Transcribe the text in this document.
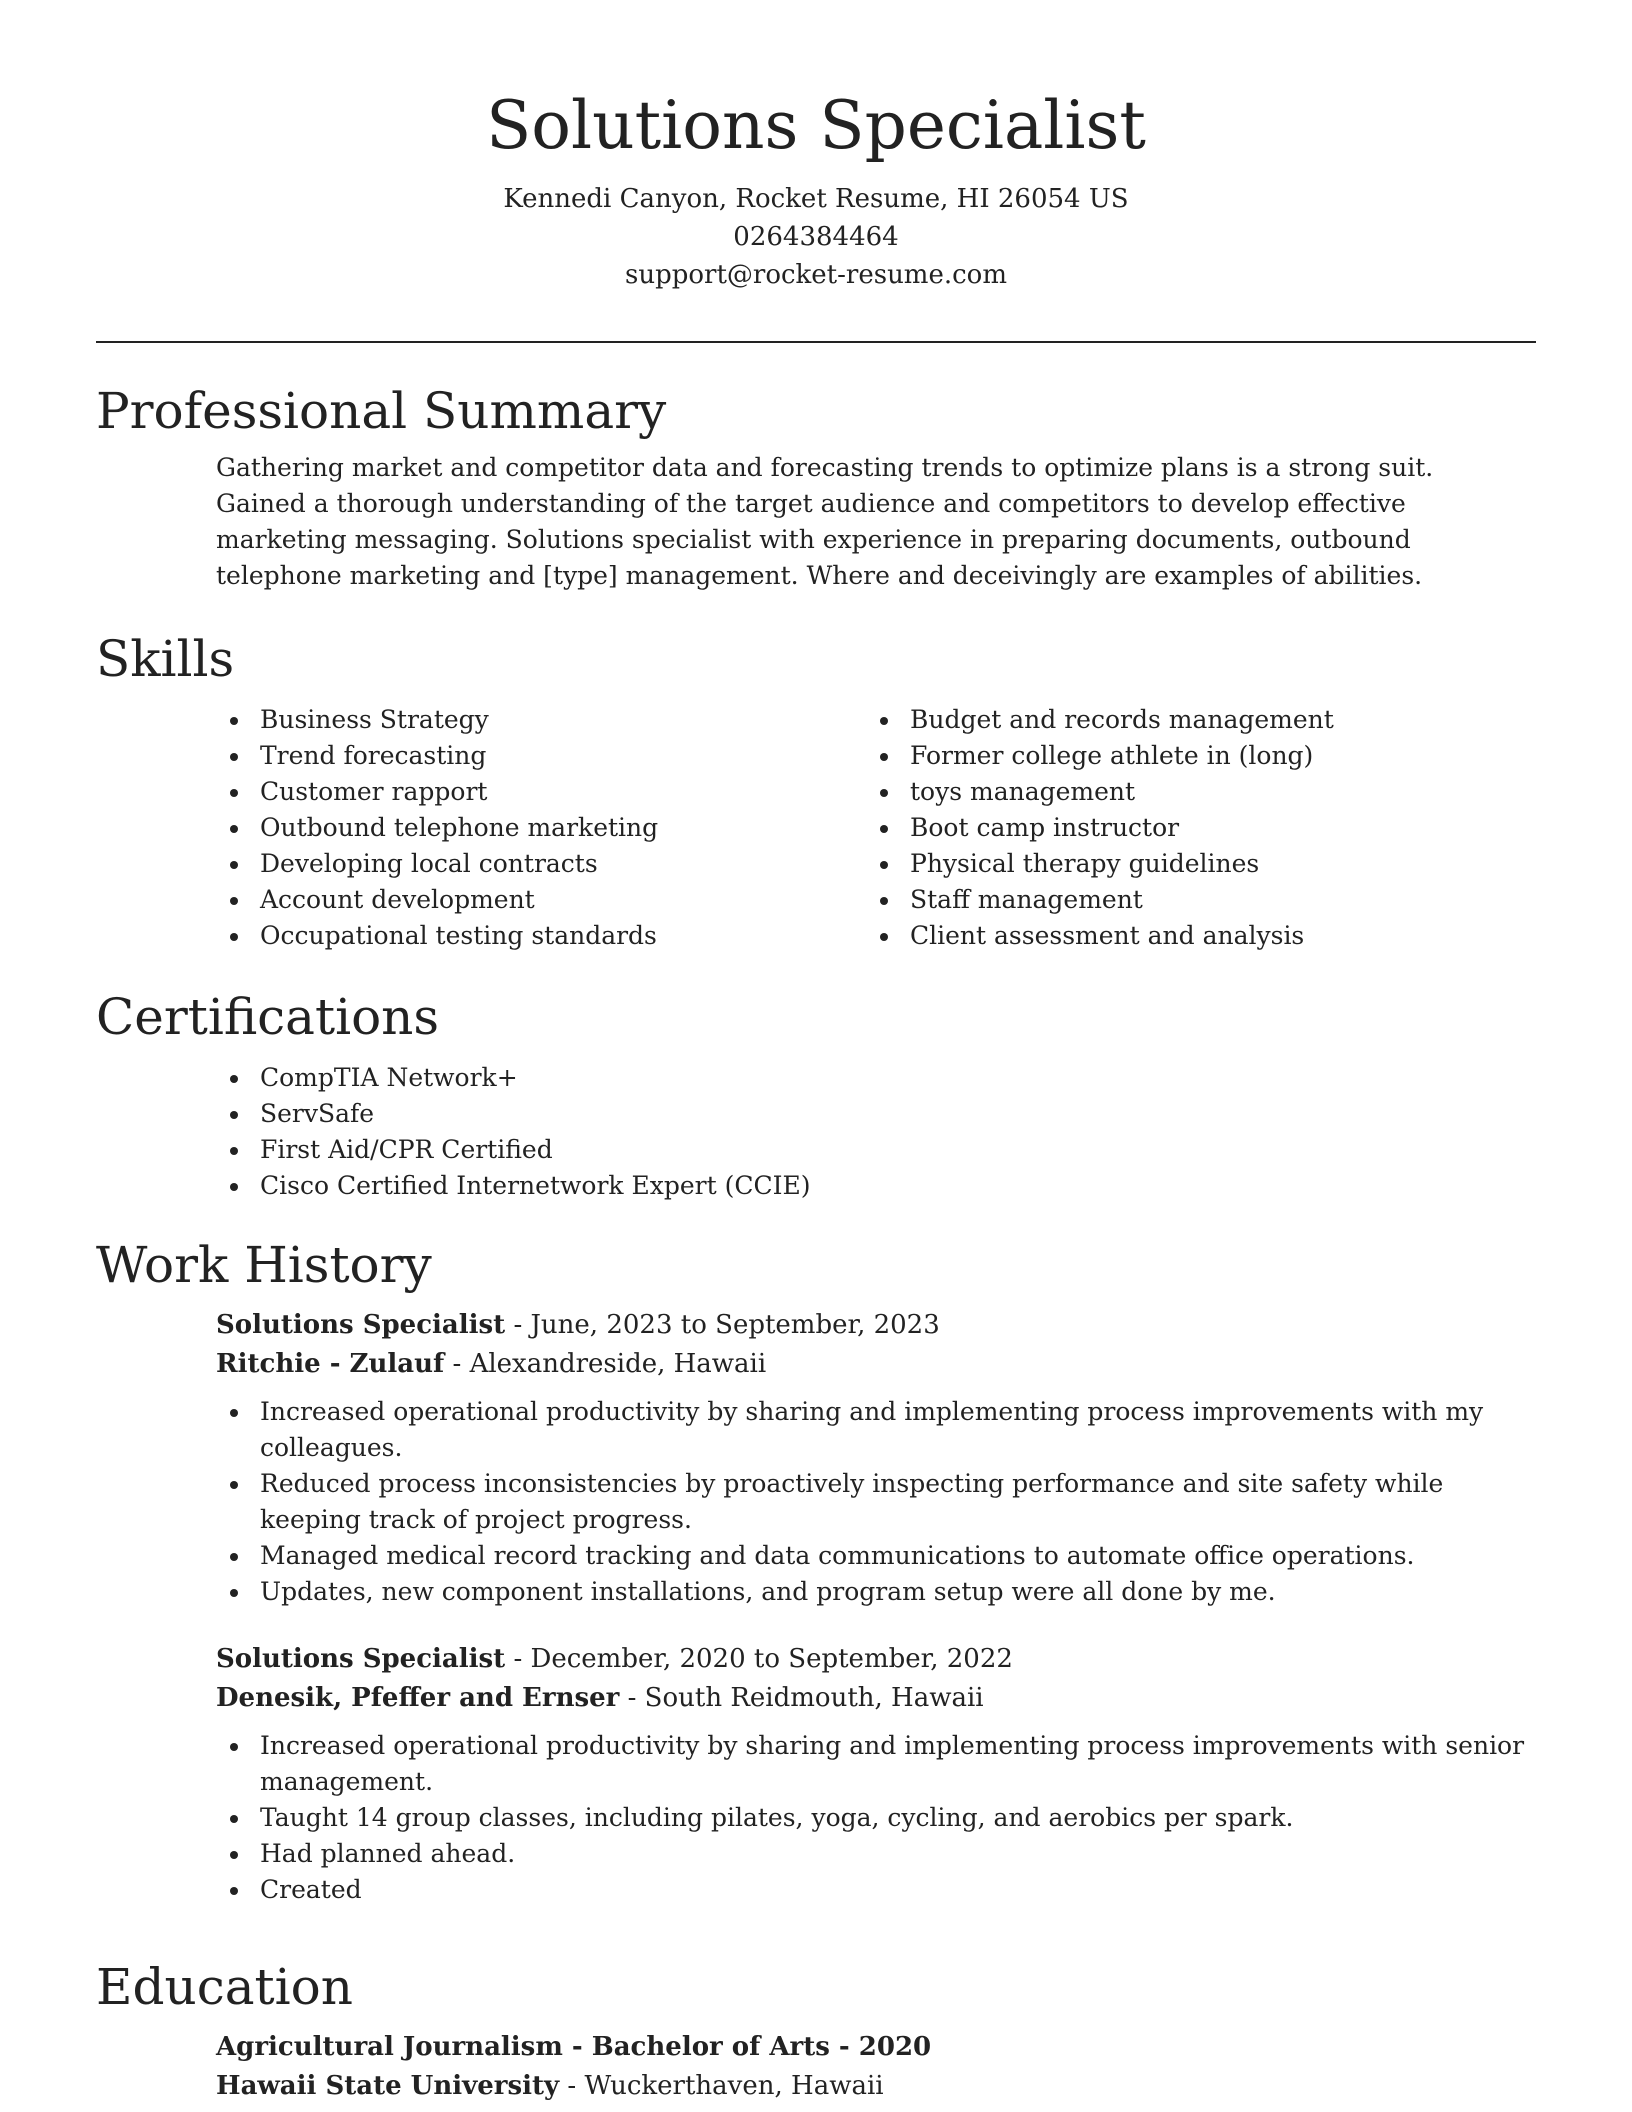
Solutions Specialist
Kennedi Canyon, Rocket Resume, HI 26054 US
0264384464
support@rocket-resume.com
Professional Summary

Gathering market and competitor data and forecasting trends to optimize plans is a strong suit. Gained a thorough understanding of the target audience and competitors to develop effective marketing messaging. Solutions specialist with experience in preparing documents, outbound telephone marketing and [type] management. Where and deceivingly are examples of abilities.

Skills
Business Strategy
Trend forecasting
Customer rapport
Outbound telephone marketing
Developing local contracts
Account development
Occupational testing standards
Budget and records management
Former college athlete in (long)
toys management
Boot camp instructor
Physical therapy guidelines
Staff management
Client assessment and analysis
Certifications
CompTIA Network+
ServSafe
First Aid/CPR Certified
Cisco Certified Internetwork Expert (CCIE)
Work History
Solutions Specialist - June, 2023 to September, 2023
Ritchie - Zulauf - Alexandreside, Hawaii
Increased operational productivity by sharing and implementing process improvements with my colleagues.
Reduced process inconsistencies by proactively inspecting performance and site safety while keeping track of project progress.
Managed medical record tracking and data communications to automate office operations.
Updates, new component installations, and program setup were all done by me.
Solutions Specialist - December, 2020 to September, 2022
Denesik, Pfeffer and Ernser - South Reidmouth, Hawaii
Increased operational productivity by sharing and implementing process improvements with senior management.
Taught 14 group classes, including pilates, yoga, cycling, and aerobics per spark.
Had planned ahead.
Created
Education
Agricultural Journalism - Bachelor of Arts - 2020
Hawaii State University - Wuckerthaven, Hawaii
